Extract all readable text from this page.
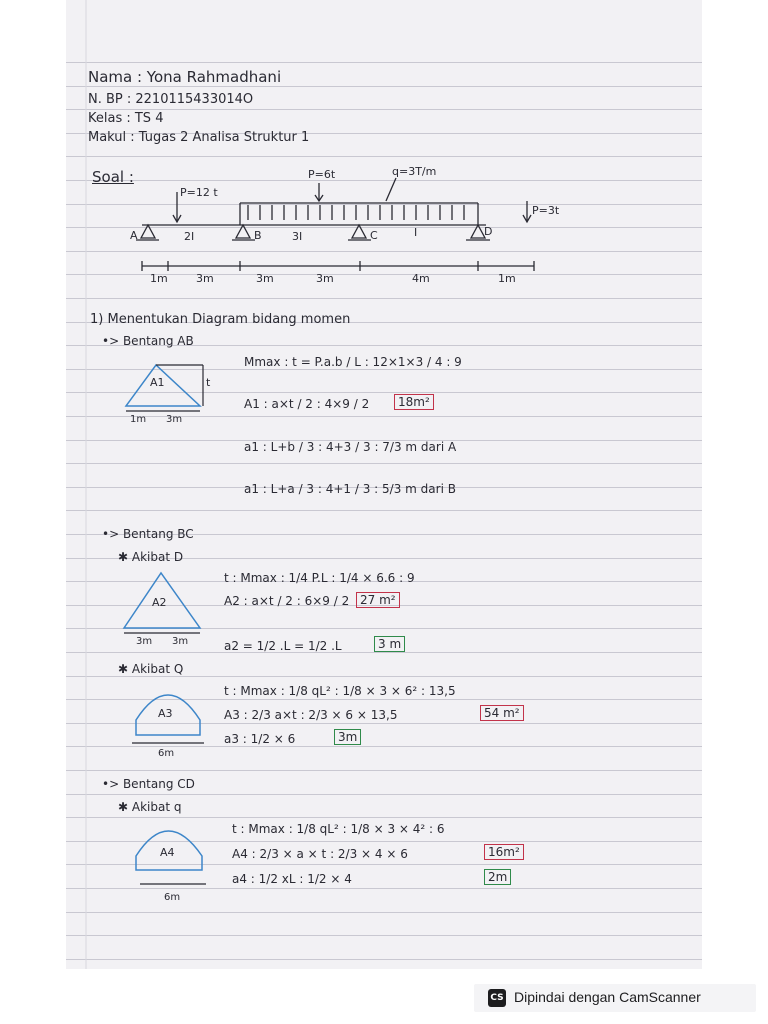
Nama : Yona Rahmadhani
N. BP : 2210115433014O
Kelas : TS 4
Makul : Tugas 2 Analisa Struktur 1
Soal :
P=12 t
P=6t	q=3T/m
P=3t
A	B	C	D
2I	3I	I
1m	3m	3m	3m	4m	1m
1) Menentukan Diagram bidang momen
•> Bentang AB
A1	t
1m 3m
Mmax : t = P.a.b / L : 12×1×3 / 4 : 9
A1 : a×t / 2 : 4×9 / 2	18m²
a1 : L+b / 3 : 4+3 / 3 : 7/3 m dari A
a1 : L+a / 3 : 4+1 / 3 : 5/3 m dari B
•> Bentang BC
✱ Akibat D
A2
3m 3m
t : Mmax : 1/4 P.L : 1/4 × 6.6 : 9
A2 : a×t / 2 : 6×9 / 2 27 m²
a2 = 1/2 .L = 1/2 .L	3 m
✱ Akibat Q
A3
6m
t : Mmax : 1/8 qL² : 1/8 × 3 × 6² : 13,5
A3 : 2/3 a×t : 2/3 × 6 × 13,5	54 m²
a3 : 1/2 × 6	3m
•> Bentang CD
✱ Akibat q
A4
6m
t : Mmax : 1/8 qL² : 1/8 × 3 × 4² : 6
A4 : 2/3 × a × t : 2/3 × 4 × 6	16m²
a4 : 1/2 xL : 1/2 × 4	2m
CS Dipindai dengan CamScanner
